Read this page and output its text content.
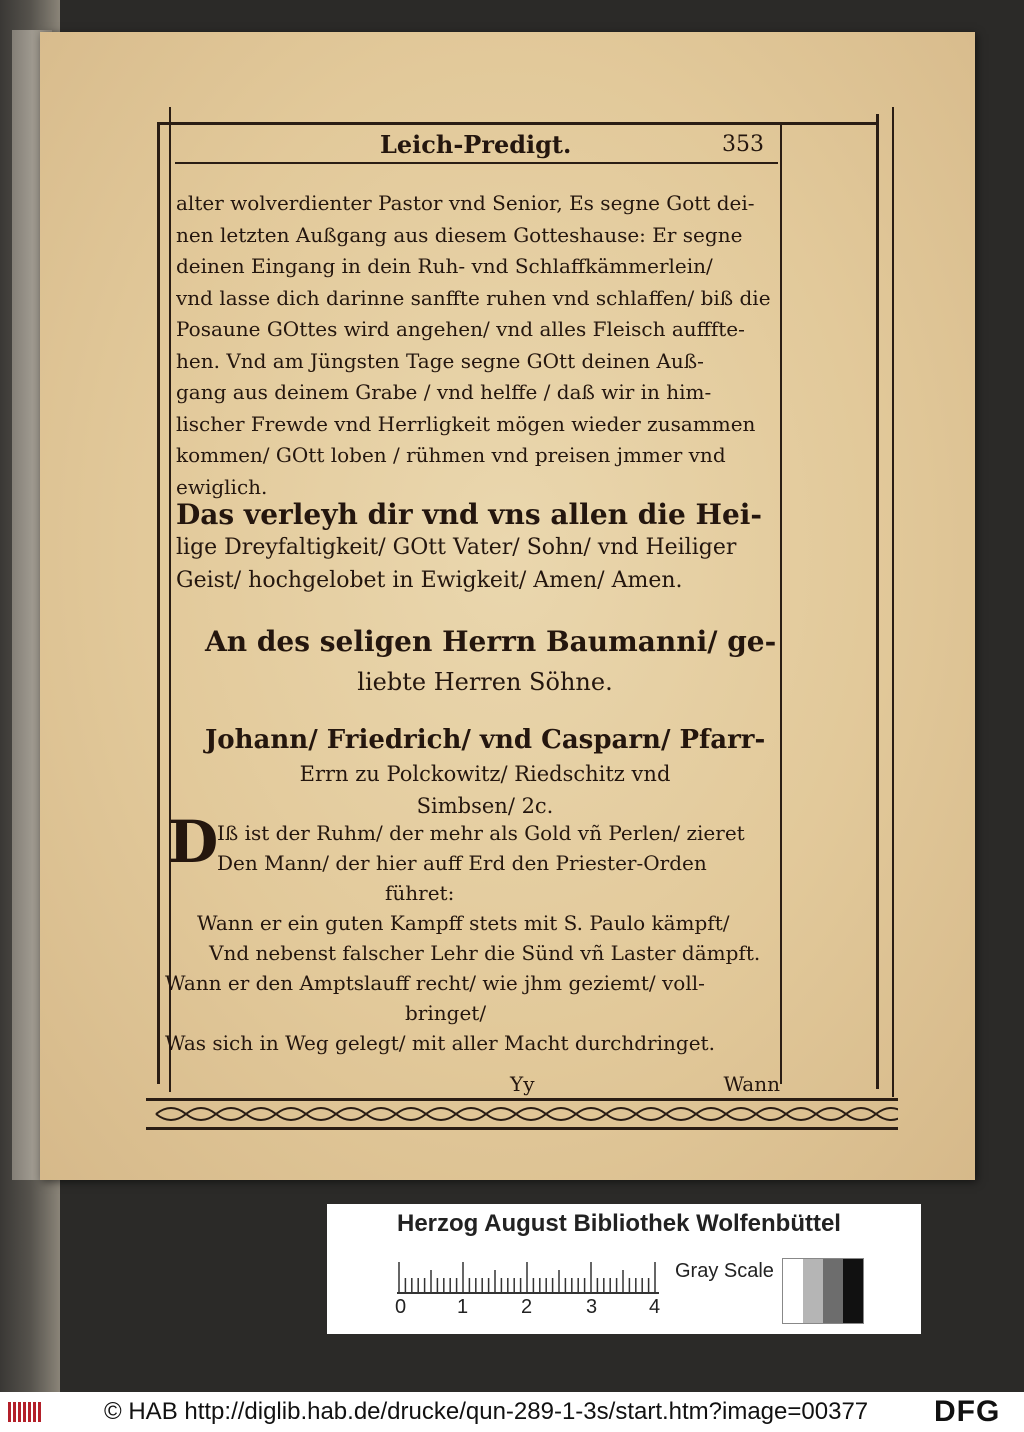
Leich-Predigt.	353
alter wolverdienter Pastor vnd Senior, Es segne Gott dei-
nen letzten Außgang aus diesem Gotteshause: Er segne
deinen Eingang in dein Ruh- vnd Schlaffkämmerlein/
vnd lasse dich darinne sanffte ruhen vnd schlaffen/ biß die
Posaune GOttes wird angehen/ vnd alles Fleisch aufffte-
hen. Vnd am Jüngsten Tage segne GOtt deinen Auß-
gang aus deinem Grabe / vnd helffe / daß wir in him-
lischer Frewde vnd Herrligkeit mögen wieder zusammen
kommen/ GOtt loben / rühmen vnd preisen jmmer vnd
ewiglich.
Das verleyh dir vnd vns allen die Hei-
lige Dreyfaltigkeit/ GOtt Vater/ Sohn/ vnd Heiliger
Geist/ hochgelobet in Ewigkeit/ Amen/ Amen.
An des seligen Herrn Baumanni/ ge-
liebte Herren Söhne.
Johann/ Friedrich/ vnd Casparn/ Pfarr-
Errn zu Polckowitz/ Riedschitz vnd
Simbsen/ 2c.
D
Iß ist der Ruhm/ der mehr als Gold vñ Perlen/ zieret
Den Mann/ der hier auff Erd den Priester-Orden
führet:
Wann er ein guten Kampff stets mit S. Paulo kämpft/
Vnd nebenst falscher Lehr die Sünd vñ Laster dämpft.
Wann er den Amptslauff recht/ wie jhm geziemt/ voll-
bringet/
Was sich in Weg gelegt/ mit aller Macht durchdringet.
Yy	Wann
Herzog August Bibliothek Wolfenbüttel
0	1	2	3	4
Gray Scale
© HAB http://diglib.hab.de/drucke/qun-289-1-3s/start.htm?image=00377 DFG
